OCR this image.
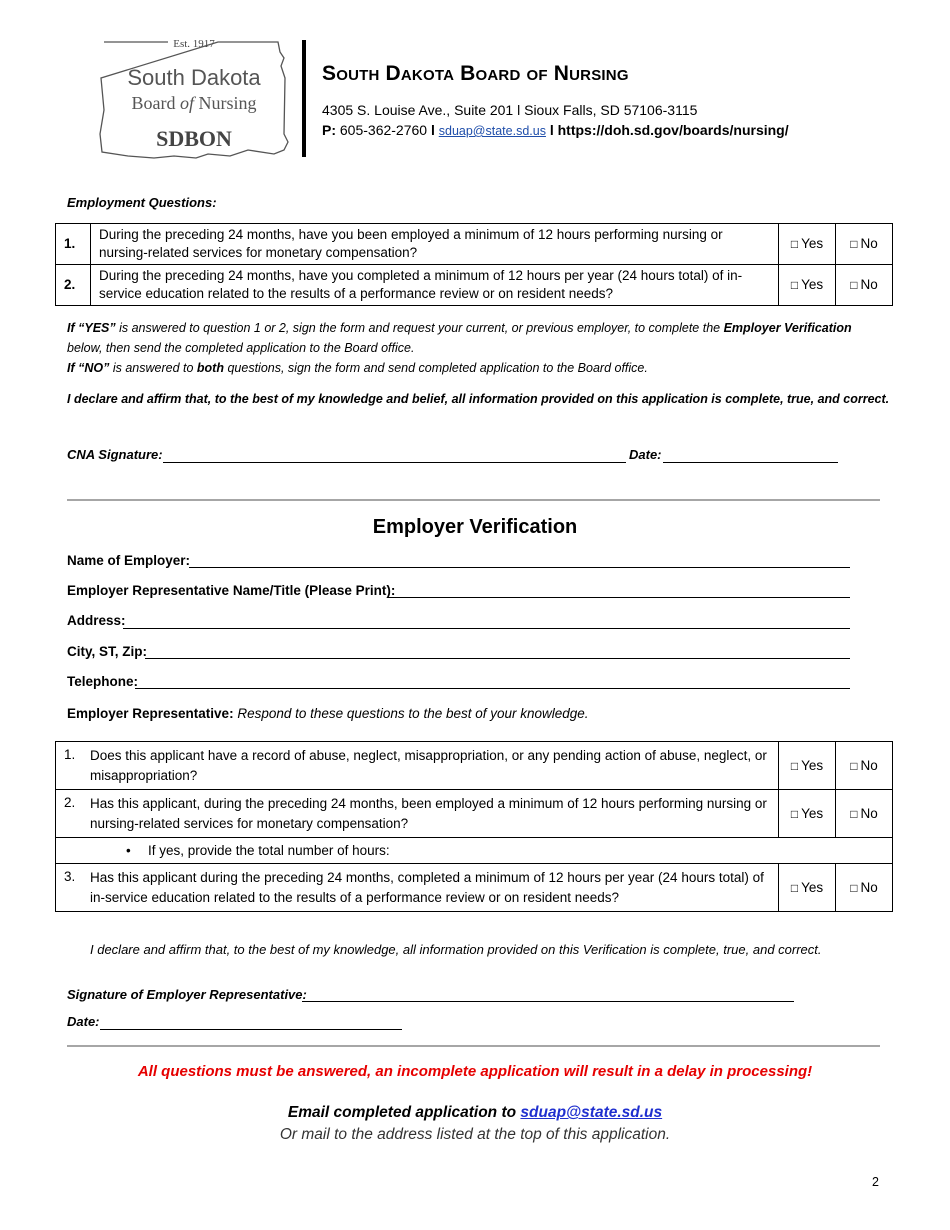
Est. 1917
South Dakota
Board of Nursing
SDBON
South Dakota Board of Nursing
4305 S. Louise Ave., Suite 201 l Sioux Falls, SD 57106-3115
P: 605-362-2760 l sduap@state.sd.us l https://doh.sd.gov/boards/nursing/
Employment Questions:
1.	During the preceding 24 months, have you been employed a minimum of 12 hours performing nursing or nursing-related services for monetary compensation?	□ Yes	□ No
2.	During the preceding 24 months, have you completed a minimum of 12 hours per year (24 hours total) of in-service education related to the results of a performance review or on resident needs?	□ Yes	□ No
If “YES” is answered to question 1 or 2, sign the form and request your current, or previous employer, to complete the Employer Verification below, then send the completed application to the Board office.
If “NO” is answered to both questions, sign the form and send completed application to the Board office.
I declare and affirm that, to the best of my knowledge and belief, all information provided on this application is complete, true, and correct.
CNA Signature:	Date:
Employer Verification
Name of Employer:
Employer Representative Name/Title (Please Print):
Address:
City, ST, Zip:
Telephone:
Employer Representative: Respond to these questions to the best of your knowledge.
1. Does this applicant have a record of abuse, neglect, misappropriation, or any pending action of abuse, neglect, or misappropriation?	□ Yes	□ No

2. Has this applicant, during the preceding 24 months, been employed a minimum of 12 hours performing nursing or nursing-related services for monetary compensation?	□ Yes	□ No
• If yes, provide the total number of hours:		

3. Has this applicant during the preceding 24 months, completed a minimum of 12 hours per year (24 hours total) of in-service education related to the results of a performance review or on resident needs?	□ Yes	□ No
I declare and affirm that, to the best of my knowledge, all information provided on this Verification is complete, true, and correct.
Signature of Employer Representative:
Date:
All questions must be answered, an incomplete application will result in a delay in processing!
Email completed application to sduap@state.sd.us
Or mail to the address listed at the top of this application.
2
